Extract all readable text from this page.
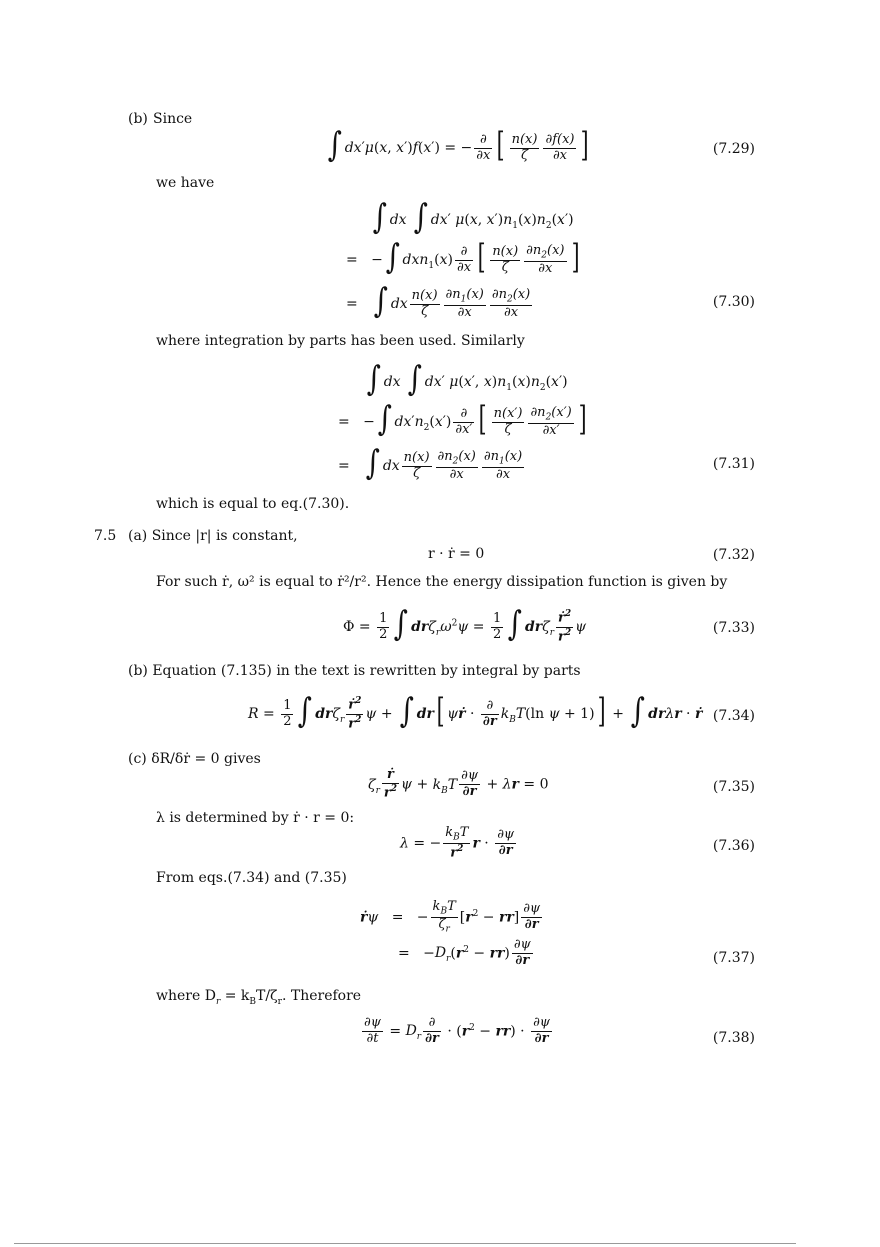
(b) Since
∫ dx′μ(x, x′)f(x′) = − $\frac{\partial}{\partial x}$ [ $\frac{n(x)}{\zeta} \frac{\partial f(x)}{\partial x}$ ]	(7.29)
we have
∫ dx ∫ dx′ μ(x, $x')n_1(x)n_2(x')$
=   −∫ $dxn_1(x) \frac{\partial}{\partial x}$ [ $\frac{n(x)}{\zeta} \frac{\partial n_2(x)}{\partial x}$ ]
=   ∫ dx $\frac{n(x)}{\zeta} \frac{\partial n_1(x)}{\partial x} \frac{\partial n_2(x)}{\partial x}$	(7.30)
where integration by parts has been used. Similarly
∫ dx ∫ dx′ μ(x′, $x)n_1(x)n_2(x')$
=   −∫ $dx'n_2(x') \frac{\partial}{\partial x'}$ [ $\frac{n(x')}{\zeta} \frac{\partial n_2(x')}{\partial x'}$ ]
=   ∫ dx $\frac{n(x)}{\zeta} \frac{\partial n_2(x)}{\partial x} \frac{\partial n_1(x)}{\partial x}$	(7.31)
which is equal to eq.(7.30).
7.5 (a) Since |r| is constant,
r · ṙ = 0	(7.32)
For such ṙ, ω² is equal to ṙ²/r². Hence the energy dissipation function is given by
$\Phi = \frac{1}{2}$ ∫ $dr\zeta_r\omega^2\psi = \frac{1}{2}$ ∫ $dr\zeta_r \frac{ṙ^2}{r^2}$ ψ	(7.33)
(b) Equation (7.135) in the text is rewritten by integral by parts
$R = \frac{1}{2}$ ∫ $dr\zeta_r \frac{ṙ^2}{r^2}$ ψ + ∫ dr[ ψṙ · $\frac{\partial}{\partial r} k_BT(\ln$ ψ + 1)] + ∫ drλr · ṙ (7.34)
(c) δR/δṙ = 0 gives
$\zeta_r \frac{\text{ṙ}}{r^2}$ $\psi + k_BT \frac{\partial\psi}{\partial r} + \lambda r = 0$	(7.35)
λ is determined by ṙ · r = 0:
λ = − $\frac{k_BT}{r^2}$ $r \cdot \frac{\partial\psi}{\partial r}$	(7.36)
From eqs.(7.34) and (7.35)
ṙψ   =   − $\frac{k_BT}{\zeta_r} [r^2 - rr] \frac{\partial\psi}{\partial r}$
=   $-D_r(r^2 - rr) \frac{\partial\psi}{\partial r}$	(7.37)
where $D_r = k_BT/\zeta_r$. Therefore
$\frac{\partial\psi}{\partial t} = D_r \frac{\partial}{\partial r} \cdot (r^2 - rr) \cdot \frac{\partial\psi}{\partial r}$	(7.38)
